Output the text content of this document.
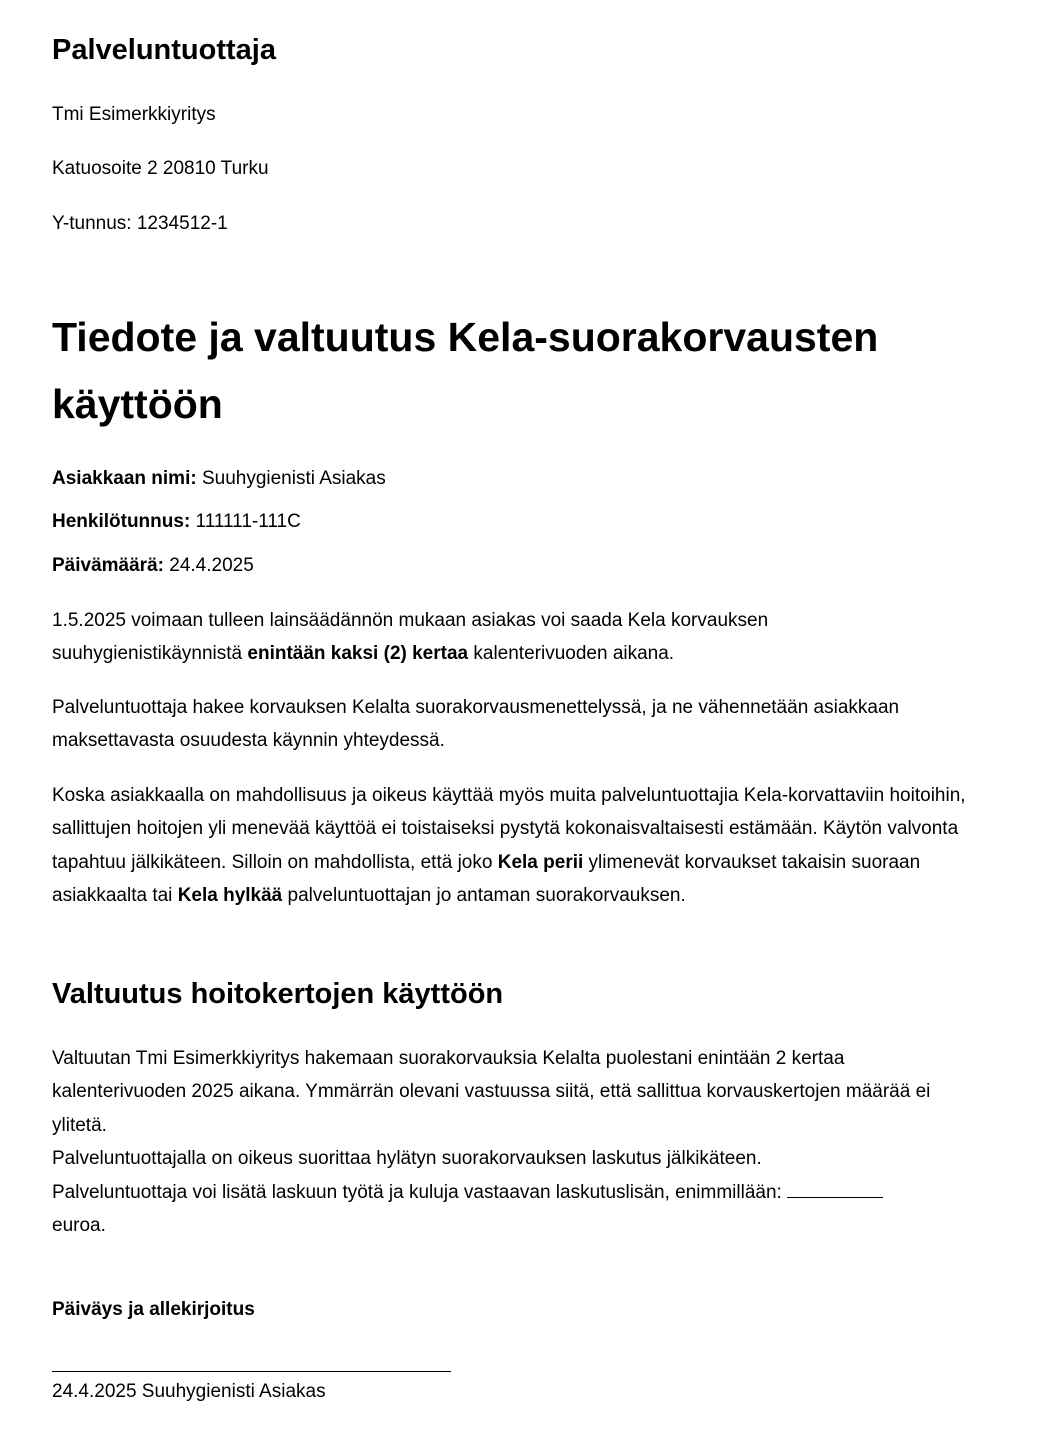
Palveluntuottaja

Tmi Esimerkkiyritys

Katuosoite 2 20810 Turku

Y-tunnus: 1234512-1

Tiedote ja valtuutus Kela-suorakorvausten käyttöön

Asiakkaan nimi: Suuhygienisti Asiakas

Henkilötunnus: 111111-111C

Päivämäärä: 24.4.2025

1.5.2025 voimaan tulleen lainsäädännön mukaan asiakas voi saada Kela korvauksen suuhygienistikäynnistä enintään kaksi (2) kertaa kalenterivuoden aikana.

Palveluntuottaja hakee korvauksen Kelalta suorakorvausmenettelyssä, ja ne vähennetään asiakkaan maksettavasta osuudesta käynnin yhteydessä.

Koska asiakkaalla on mahdollisuus ja oikeus käyttää myös muita palveluntuottajia Kela-korvattaviin hoitoihin, sallittujen hoitojen yli menevää käyttöä ei toistaiseksi pystytä kokonaisvaltaisesti estämään. Käytön valvonta tapahtuu jälkikäteen. Silloin on mahdollista, että joko Kela perii ylimenevät korvaukset takaisin suoraan asiakkaalta tai Kela hylkää palveluntuottajan jo antaman suorakorvauksen.

Valtuutus hoitokertojen käyttöön

Valtuutan Tmi Esimerkkiyritys hakemaan suorakorvauksia Kelalta puolestani enintään 2 kertaa kalenterivuoden 2025 aikana. Ymmärrän olevani vastuussa siitä, että sallittua korvauskertojen määrää ei ylitetä.
Palveluntuottajalla on oikeus suorittaa hylätyn suorakorvauksen laskutus jälkikäteen.
Palveluntuottaja voi lisätä laskuun työtä ja kuluja vastaavan laskutuslisän, enimmillään:
euroa.

Päiväys ja allekirjoitus

24.4.2025 Suuhygienisti Asiakas
